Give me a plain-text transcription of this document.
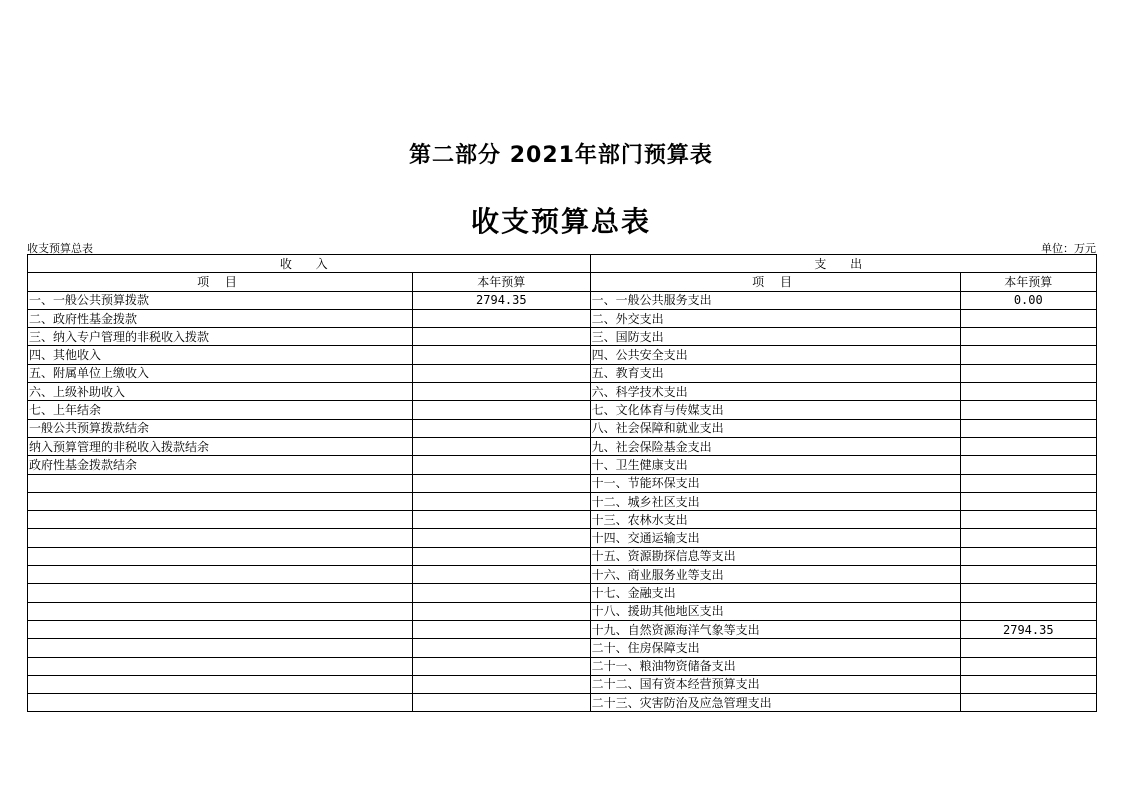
第二部分 2021年部门预算表
收支预算总表
收支预算总表	单位：万元
收 入		支 出	
项 目	本年预算	项 目	本年预算
一、一般公共预算拨款	2794.35	一、一般公共服务支出	0.00
二、政府性基金拨款		二、外交支出	
三、纳入专户管理的非税收入拨款		三、国防支出	
四、其他收入		四、公共安全支出	
五、附属单位上缴收入		五、教育支出	
六、上级补助收入		六、科学技术支出	
七、上年结余		七、文化体育与传媒支出	
一般公共预算拨款结余		八、社会保障和就业支出	
纳入预算管理的非税收入拨款结余		九、社会保险基金支出	
政府性基金拨款结余		十、卫生健康支出	
		十一、节能环保支出	
		十二、城乡社区支出	
		十三、农林水支出	
		十四、交通运输支出	
		十五、资源勘探信息等支出	
		十六、商业服务业等支出	
		十七、金融支出	
		十八、援助其他地区支出	
		十九、自然资源海洋气象等支出	2794.35
		二十、住房保障支出	
		二十一、粮油物资储备支出	
		二十二、国有资本经营预算支出	
		二十三、灾害防治及应急管理支出	
